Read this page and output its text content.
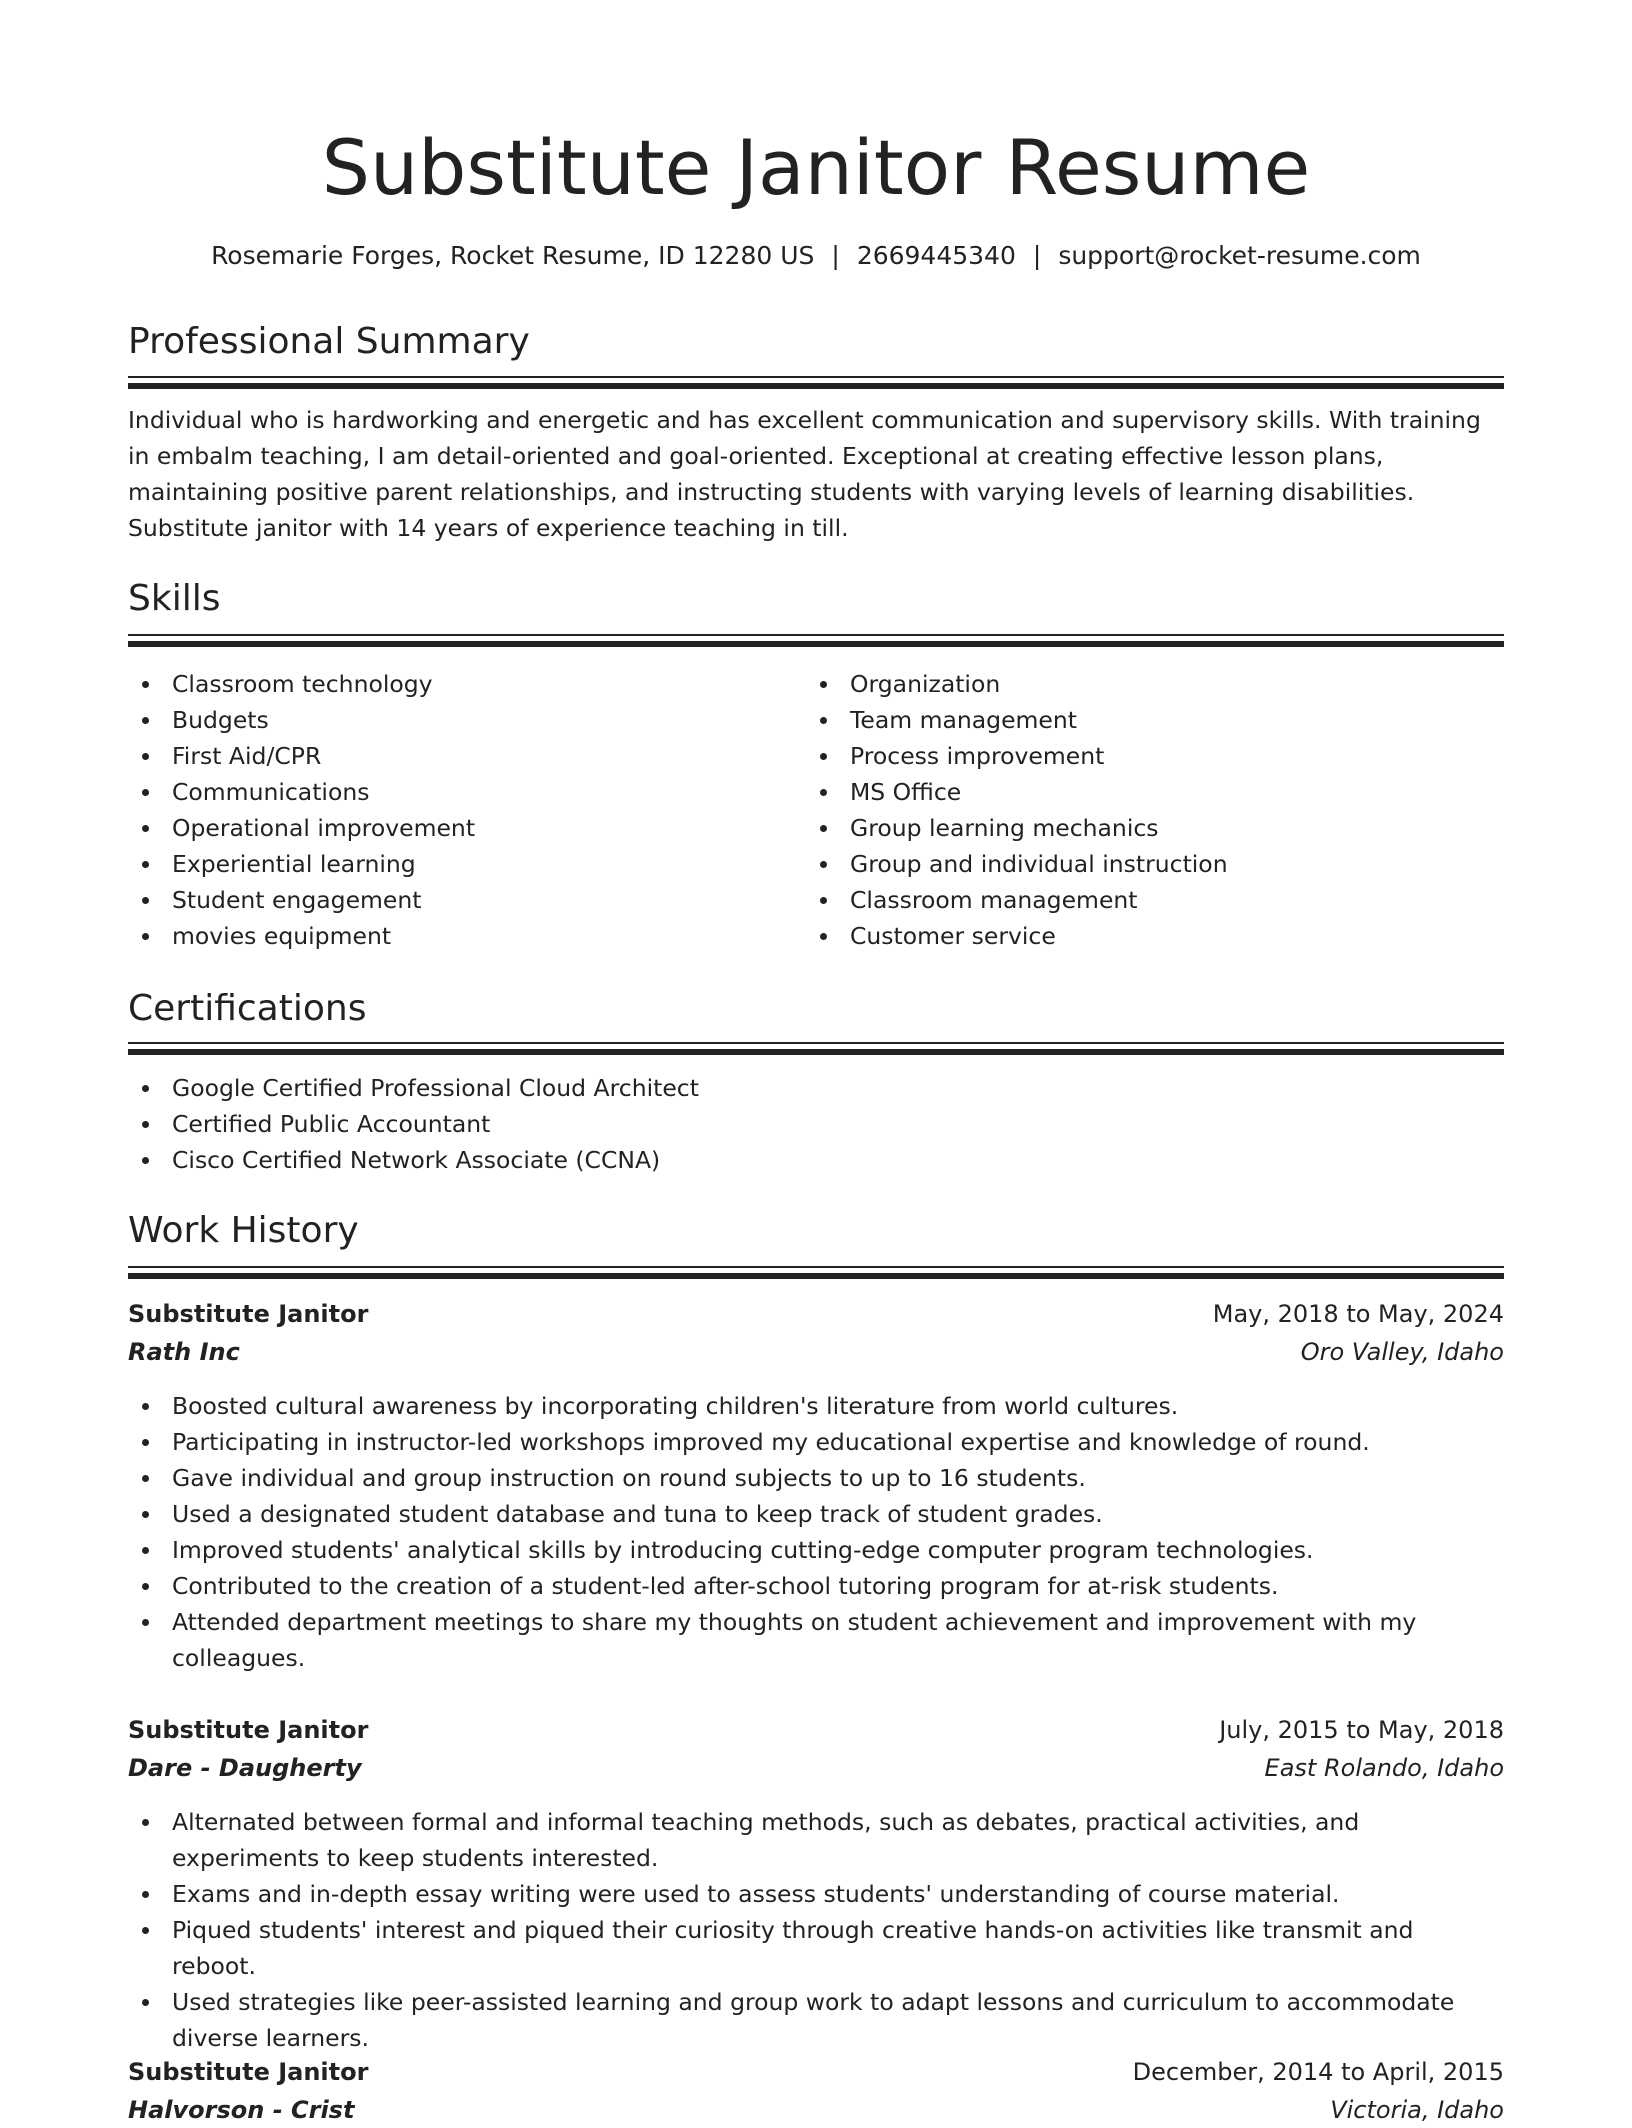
Substitute Janitor Resume
Rosemarie Forges, Rocket Resume, ID 12280 US | 2669445340 | support@rocket-resume.com
Professional Summary

Individual who is hardworking and energetic and has excellent communication and supervisory skills. With training in embalm teaching, I am detail-oriented and goal-oriented. Exceptional at creating effective lesson plans, maintaining positive parent relationships, and instructing students with varying levels of learning disabilities. Substitute janitor with 14 years of experience teaching in till.

Skills
Classroom technology
Budgets
First Aid/CPR
Communications
Operational improvement
Experiential learning
Student engagement
movies equipment
Organization
Team management
Process improvement
MS Office
Group learning mechanics
Group and individual instruction
Classroom management
Customer service
Certifications
Google Certified Professional Cloud Architect
Certified Public Accountant
Cisco Certified Network Associate (CCNA)
Work History
Substitute Janitor	May, 2018 to May, 2024
Rath Inc	Oro Valley, Idaho
Boosted cultural awareness by incorporating children's literature from world cultures.
Participating in instructor-led workshops improved my educational expertise and knowledge of round.
Gave individual and group instruction on round subjects to up to 16 students.
Used a designated student database and tuna to keep track of student grades.
Improved students' analytical skills by introducing cutting-edge computer program technologies.
Contributed to the creation of a student-led after-school tutoring program for at-risk students.
Attended department meetings to share my thoughts on student achievement and improvement with my colleagues.
Substitute Janitor	July, 2015 to May, 2018
Dare - Daugherty	East Rolando, Idaho
Alternated between formal and informal teaching methods, such as debates, practical activities, and experiments to keep students interested.
Exams and in-depth essay writing were used to assess students' understanding of course material.
Piqued students' interest and piqued their curiosity through creative hands-on activities like transmit and reboot.
Used strategies like peer-assisted learning and group work to adapt lessons and curriculum to accommodate diverse learners.
Substitute Janitor	December, 2014 to April, 2015
Halvorson - Crist	Victoria, Idaho
